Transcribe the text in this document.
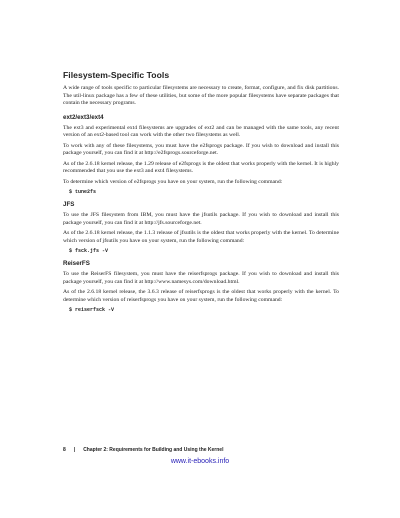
Filesystem-Specific Tools

A wide range of tools specific to particular filesystems are necessary to create, format, configure, and fix disk partitions. The util-linux package has a few of these utilities, but some of the more popular filesystems have separate packages that contain the necessary programs.

ext2/ext3/ext4

The ext3 and experimental ext4 filesystems are upgrades of ext2 and can be managed with the same tools, any recent version of an ext2-based tool can work with the other two filesystems as well.

To work with any of these filesystems, you must have the e2fsprogs package. If you wish to download and install this package yourself, you can find it at http://e2fsprogs.sourceforge.net.

As of the 2.6.18 kernel release, the 1.29 release of e2fsprogs is the oldest that works properly with the kernel. It is highly recommended that you use the ext3 and ext4 filesystems.

To determine which version of e2fsprogs you have on your system, run the following command:

$ tune2fs
JFS

To use the JFS filesystem from IBM, you must have the jfsutils package. If you wish to download and install this package yourself, you can find it at http://jfs.sourceforge.net.

As of the 2.6.18 kernel release, the 1.1.3 release of jfsutils is the oldest that works properly with the kernel. To determine which version of jfsutils you have on your system, run the following command:

$ fsck.jfs -V
ReiserFS

To use the ReiserFS filesystem, you must have the reiserfsprogs package. If you wish to download and install this package yourself, you can find it at http://www.namesys.com/download.html.

As of the 2.6.18 kernel release, the 3.6.3 release of reiserfsprogs is the oldest that works properly with the kernel. To determine which version of reiserfsprogs you have on your system, run the following command:

$ reiserfsck -V
8 | Chapter 2: Requirements for Building and Using the Kernel
www.it-ebooks.info
